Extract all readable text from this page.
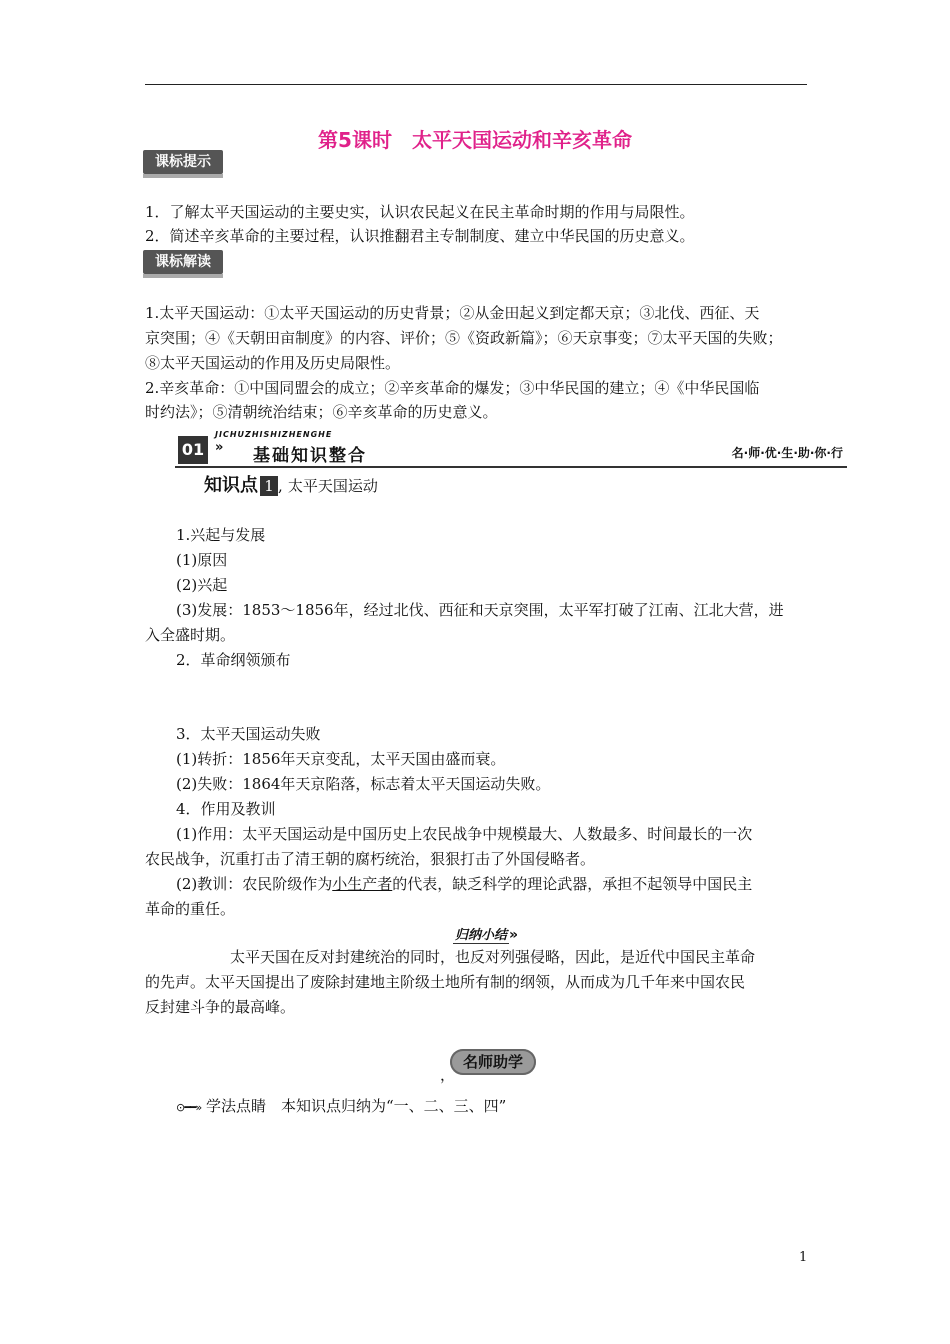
第5课时　太平天国运动和辛亥革命
课标提示
1．了解太平天国运动的主要史实，认识农民起义在民主革命时期的作用与局限性。
2．简述辛亥革命的主要过程，认识推翻君主专制制度、建立中华民国的历史意义。
课标解读
1.太平天国运动：①太平天国运动的历史背景；②从金田起义到定都天京；③北伐、西征、天
京突围；④《天朝田亩制度》的内容、评价；⑤《资政新篇》；⑥天京事变；⑦太平天国的失败；
⑧太平天国运动的作用及历史局限性。
2.辛亥革命：①中国同盟会的成立；②辛亥革命的爆发；③中华民国的建立；④《中华民国临
时约法》；⑤清朝统治结束；⑥辛亥革命的历史意义。
01
JICHUZHISHIZHENGHE
» 基础知识整合	名·师·优·生·助·你·行
知识点 1 , 太平天国运动
1.兴起与发展
(1)原因
(2)兴起
(3)发展：1853～1856年，经过北伐、西征和天京突围，太平军打破了江南、江北大营，进
入全盛时期。
2．革命纲领颁布
3．太平天国运动失败
(1)转折：1856年天京变乱，太平天国由盛而衰。
(2)失败：1864年天京陷落，标志着太平天国运动失败。
4．作用及教训
(1)作用：太平天国运动是中国历史上农民战争中规模最大、人数最多、时间最长的一次
农民战争，沉重打击了清王朝的腐朽统治，狠狠打击了外国侵略者。
(2)教训：农民阶级作为小生产者的代表，缺乏科学的理论武器，承担不起领导中国民主
革命的重任。
归纳小结 »
太平天国在反对封建统治的同时，也反对列强侵略，因此，是近代中国民主革命
的先声。太平天国提出了废除封建地主阶级土地所有制的纲领，从而成为几千年来中国农民
反封建斗争的最高峰。
名师助学
，
⊙━━» 学法点睛　本知识点归纳为“一、二、三、四”
1
